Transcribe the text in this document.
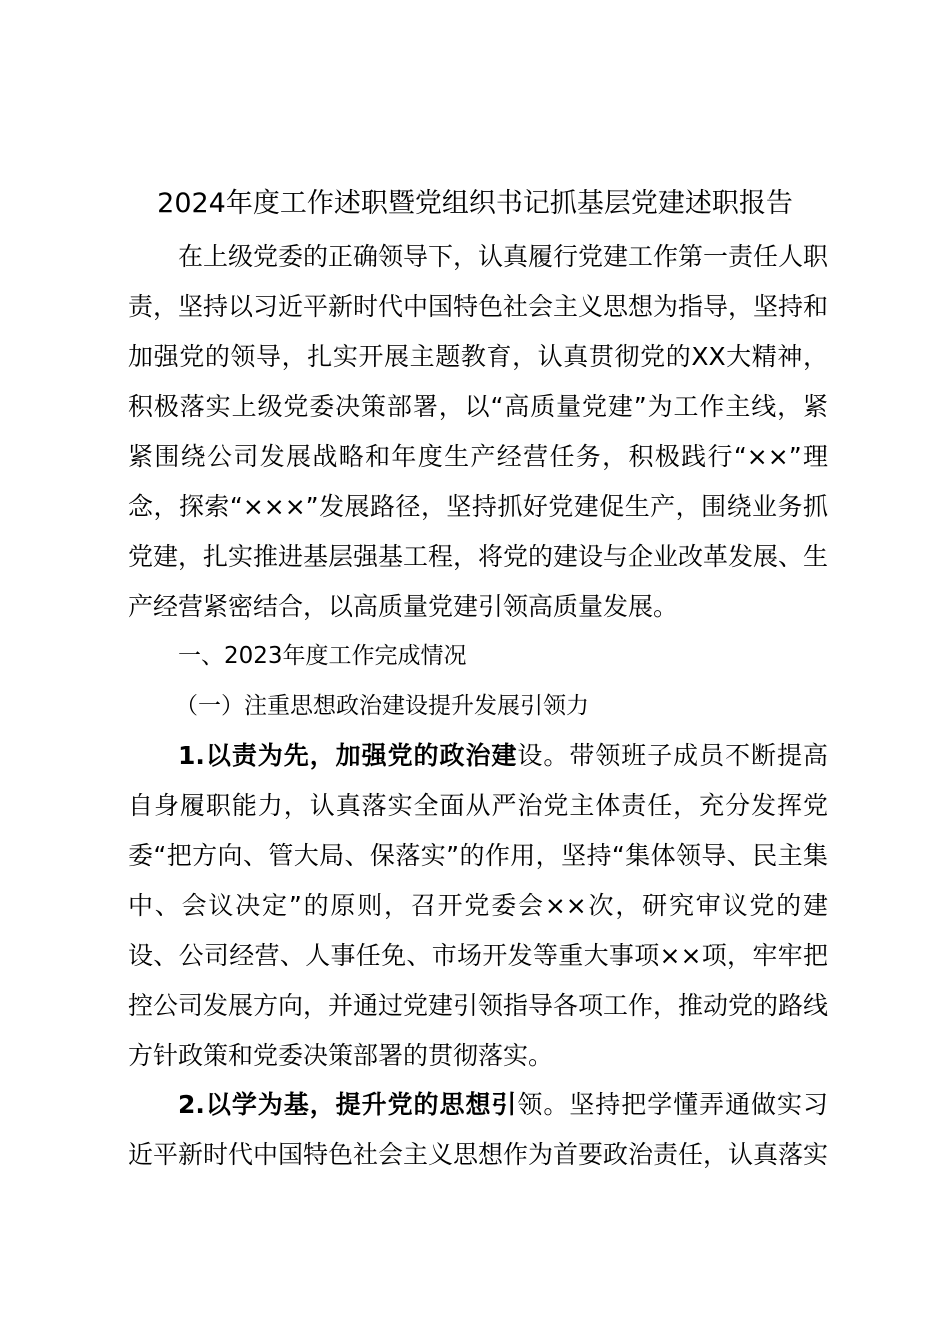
2024年度工作述职暨党组织书记抓基层党建述职报告

在上级党委的正确领导下，认真履行党建工作第一责任人职责，坚持以习近平新时代中国特色社会主义思想为指导，坚持和加强党的领导，扎实开展主题教育，认真贯彻党的XX大精神，积极落实上级党委决策部署，以“高质量党建”为工作主线，紧紧围绕公司发展战略和年度生产经营任务，积极践行“××”理念，探索“×××”发展路径，坚持抓好党建促生产，围绕业务抓党建，扎实推进基层强基工程，将党的建设与企业改革发展、生产经营紧密结合，以高质量党建引领高质量发展。

一、2023年度工作完成情况
（一）注重思想政治建设提升发展引领力

1.以责为先，加强党的政治建设。带领班子成员不断提高自身履职能力，认真落实全面从严治党主体责任，充分发挥党委“把方向、管大局、保落实”的作用，坚持“集体领导、民主集中、会议决定”的原则，召开党委会××次，研究审议党的建设、公司经营、人事任免、市场开发等重大事项××项，牢牢把控公司发展方向，并通过党建引领指导各项工作，推动党的路线方针政策和党委决策部署的贯彻落实。

2.以学为基，提升党的思想引领。坚持把学懂弄通做实习近平新时代中国特色社会主义思想作为首要政治责任，认真落实
